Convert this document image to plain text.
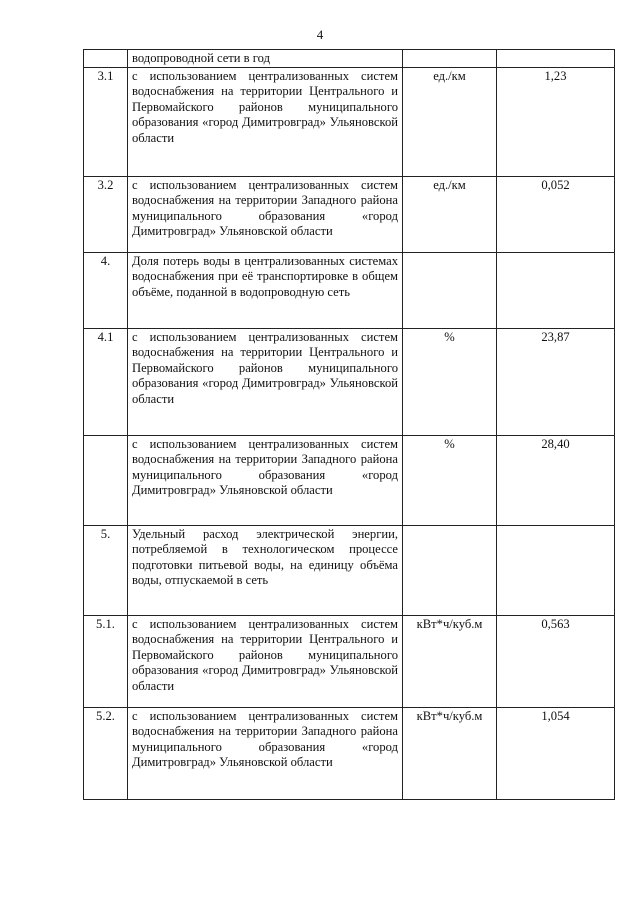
4
	водопроводной сети в год		
3.1	с использованием централизованных систем водоснабжения на территории Центрального и Первомайского районов муниципального образования «город Димитровград» Ульяновской области	ед./км	1,23
3.2	с использованием централизованных систем водоснабжения на территории Западного района муниципального образования «город Димитровград» Ульяновской области	ед./км	0,052
4.	Доля потерь воды в централизованных системах водоснабжения при её транспортировке в общем объёме, поданной в водопроводную сеть		
4.1	с использованием централизованных систем водоснабжения на территории Центрального и Первомайского районов муниципального образования «город Димитровград» Ульяновской области	%	23,87
	с использованием централизованных систем водоснабжения на территории Западного района муниципального образования «город Димитровград» Ульяновской области	%	28,40
5.	Удельный расход электрической энергии, потребляемой в технологическом процессе подготовки питьевой воды, на единицу объёма воды, отпускаемой в сеть		
5.1.	с использованием централизованных систем водоснабжения на территории Центрального и Первомайского районов муниципального образования «город Димитровград» Ульяновской области	кВт*ч/куб.м	0,563
5.2.	с использованием централизованных систем водоснабжения на территории Западного района муниципального образования «город Димитровград» Ульяновской области	кВт*ч/куб.м	1,054
